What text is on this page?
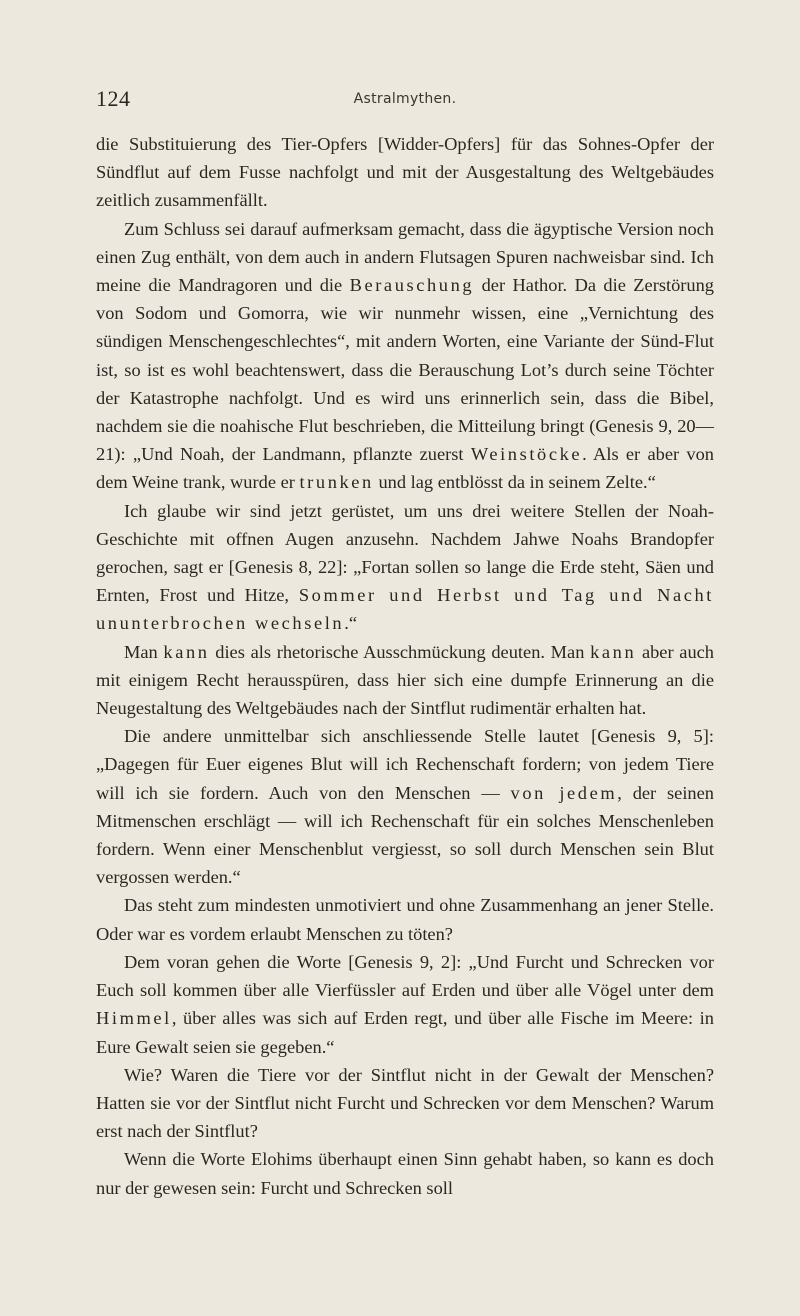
124	Astralmythen.

die Substituierung des Tier-Opfers [Widder-Opfers] für das Sohnes-Opfer der Sündflut auf dem Fusse nachfolgt und mit der Ausgestaltung des Weltgebäudes zeitlich zusammenfällt.

Zum Schluss sei darauf aufmerksam gemacht, dass die ägyptische Version noch einen Zug enthält, von dem auch in andern Flutsagen Spuren nachweisbar sind. Ich meine die Mandragoren und die Berauschung der Hathor. Da die Zerstörung von Sodom und Gomorra, wie wir nunmehr wissen, eine „Vernichtung des sündigen Menschengeschlechtes“, mit andern Worten, eine Variante der Sünd-Flut ist, so ist es wohl beachtenswert, dass die Berauschung Lot’s durch seine Töchter der Katastrophe nachfolgt. Und es wird uns erinnerlich sein, dass die Bibel, nachdem sie die noahische Flut beschrieben, die Mitteilung bringt (Genesis 9, 20—21): „Und Noah, der Landmann, pflanzte zuerst Weinstöcke. Als er aber von dem Weine trank, wurde er trunken und lag entblösst da in seinem Zelte.“

Ich glaube wir sind jetzt gerüstet, um uns drei weitere Stellen der Noah-Geschichte mit offnen Augen anzusehn. Nachdem Jahwe Noahs Brandopfer gerochen, sagt er [Genesis 8, 22]: „Fortan sollen so lange die Erde steht, Säen und Ernten, Frost und Hitze, Sommer und Herbst und Tag und Nacht ununterbrochen wechseln.“

Man kann dies als rhetorische Ausschmückung deuten. Man kann aber auch mit einigem Recht herausspüren, dass hier sich eine dumpfe Erinnerung an die Neugestaltung des Weltgebäudes nach der Sintflut rudimentär erhalten hat.

Die andere unmittelbar sich anschliessende Stelle lautet [Genesis 9, 5]: „Dagegen für Euer eigenes Blut will ich Rechenschaft fordern; von jedem Tiere will ich sie fordern. Auch von den Menschen — von jedem, der seinen Mitmenschen erschlägt — will ich Rechenschaft für ein solches Menschenleben fordern. Wenn einer Menschenblut vergiesst, so soll durch Menschen sein Blut vergossen werden.“

Das steht zum mindesten unmotiviert und ohne Zusammenhang an jener Stelle. Oder war es vordem erlaubt Menschen zu töten?

Dem voran gehen die Worte [Genesis 9, 2]: „Und Furcht und Schrecken vor Euch soll kommen über alle Vierfüssler auf Erden und über alle Vögel unter dem Himmel, über alles was sich auf Erden regt, und über alle Fische im Meere: in Eure Gewalt seien sie gegeben.“

Wie? Waren die Tiere vor der Sintflut nicht in der Gewalt der Menschen? Hatten sie vor der Sintflut nicht Furcht und Schrecken vor dem Menschen? Warum erst nach der Sintflut?

Wenn die Worte Elohims überhaupt einen Sinn gehabt haben, so kann es doch nur der gewesen sein: Furcht und Schrecken soll
